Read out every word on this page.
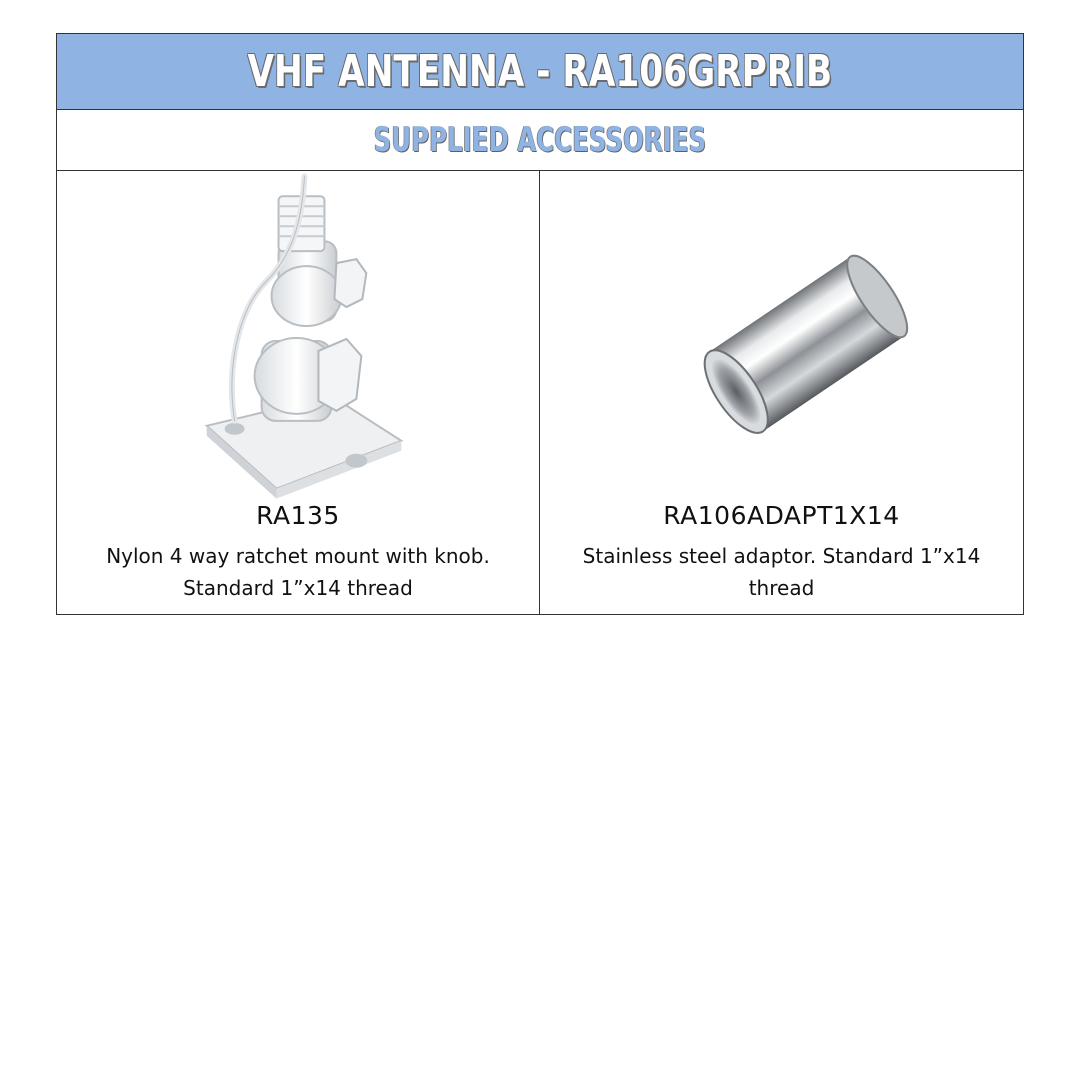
VHF ANTENNA - RA106GRPRIB
SUPPLIED ACCESSORIES
RA135
Nylon 4 way ratchet mount with knob. Standard 1”x14 thread
RA106ADAPT1X14
Stainless steel adaptor. Standard 1”x14 thread
